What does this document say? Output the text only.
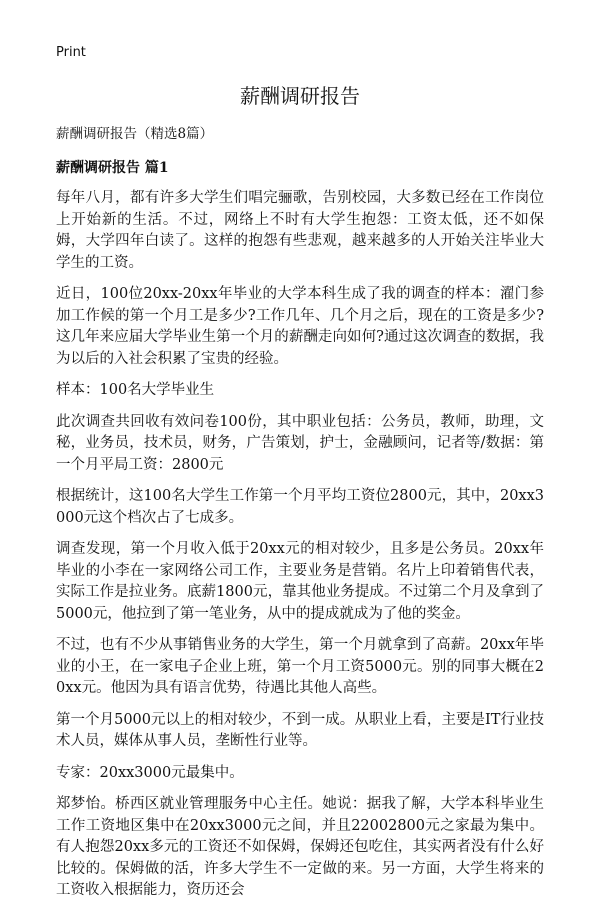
Print

薪酬调研报告

薪酬调研报告（精选8篇）

薪酬调研报告 篇1

每年八月，都有许多大学生们唱完骊歌，告别校园，大多数已经在工作岗位上开始新的生活。不过，网络上不时有大学生抱怨：工资太低，还不如保姆，大学四年白读了。这样的抱怨有些悲观，越来越多的人开始关注毕业大学生的工资。

近日，100位20xx-20xx年毕业的大学本科生成了我的调查的样本：濯门参加工作候的第一个月工是多少?工作几年、几个月之后，现在的工资是多少?这几年来应届大学毕业生第一个月的薪酬走向如何?通过这次调查的数据，我为以后的入社会积累了宝贵的经验。

样本：100名大学毕业生

此次调查共回收有效问卷100份，其中职业包括：公务员，教师，助理，文秘，业务员，技术员，财务，广告策划，护士，金融顾问，记者等/数据：第一个月平局工资：2800元

根据统计，这100名大学生工作第一个月平均工资位2800元，其中，20xx3000元这个档次占了七成多。

调查发现，第一个月收入低于20xx元的相对较少，且多是公务员。20xx年毕业的小李在一家网络公司工作，主要业务是营销。名片上印着销售代表，实际工作是拉业务。底薪1800元，靠其他业务提成。不过第二个月及拿到了5000元，他拉到了第一笔业务，从中的提成就成为了他的奖金。

不过，也有不少从事销售业务的大学生，第一个月就拿到了高薪。20xx年毕业的小王，在一家电子企业上班，第一个月工资5000元。别的同事大概在20xx元。他因为具有语言优势，待遇比其他人高些。

第一个月5000元以上的相对较少，不到一成。从职业上看，主要是IT行业技术人员，媒体从事人员，垄断性行业等。

专家：20xx3000元最集中。

郑梦怡。桥西区就业管理服务中心主任。她说：据我了解，大学本科毕业生工作工资地区集中在20xx3000元之间，并且22002800元之家最为集中。有人抱怨20xx多元的工资还不如保姆，保姆还包吃住，其实两者没有什么好比较的。保姆做的活，许多大学生不一定做的来。另一方面，大学生将来的工资收入根据能力，资历还会
